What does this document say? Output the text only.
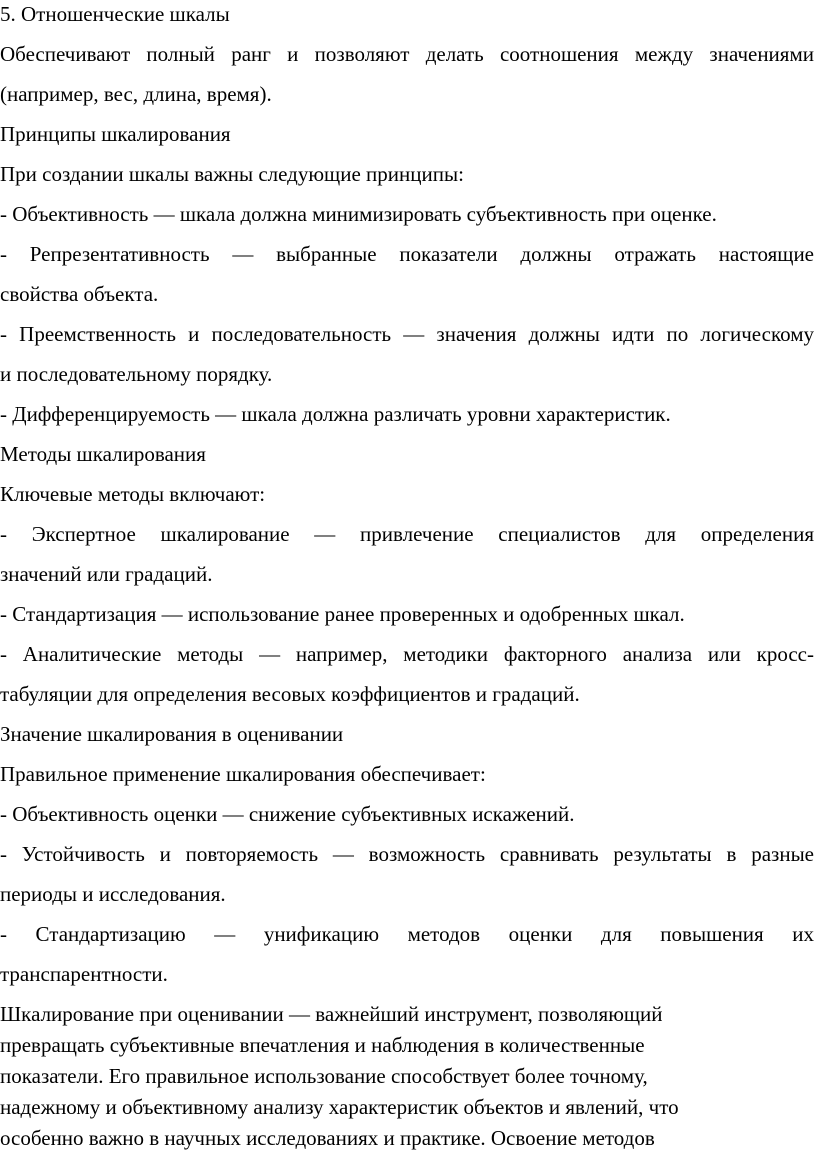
5. Отношенческие шкалы
Обеспечивают полный ранг и позволяют делать соотношения между значениями
(например, вес, длина, время).
Принципы шкалирования
При создании шкалы важны следующие принципы:
- Объективность — шкала должна минимизировать субъективность при оценке.
- Репрезентативность — выбранные показатели должны отражать настоящие
свойства объекта.
- Преемственность и последовательность — значения должны идти по логическому
и последовательному порядку.
- Дифференцируемость — шкала должна различать уровни характеристик.
Методы шкалирования
Ключевые методы включают:
- Экспертное шкалирование — привлечение специалистов для определения
значений или градаций.
- Стандартизация — использование ранее проверенных и одобренных шкал.
- Аналитические методы — например, методики факторного анализа или кросс-
табуляции для определения весовых коэффициентов и градаций.
Значение шкалирования в оценивании
Правильное применение шкалирования обеспечивает:
- Объективность оценки — снижение субъективных искажений.
- Устойчивость и повторяемость — возможность сравнивать результаты в разные
периоды и исследования.
- Стандартизацию — унификацию методов оценки для повышения их
транспарентности.
Шкалирование при оценивании — важнейший инструмент, позволяющий
превращать субъективные впечатления и наблюдения в количественные
показатели. Его правильное использование способствует более точному,
надежному и объективному анализу характеристик объектов и явлений, что
особенно важно в научных исследованиях и практике. Освоение методов
